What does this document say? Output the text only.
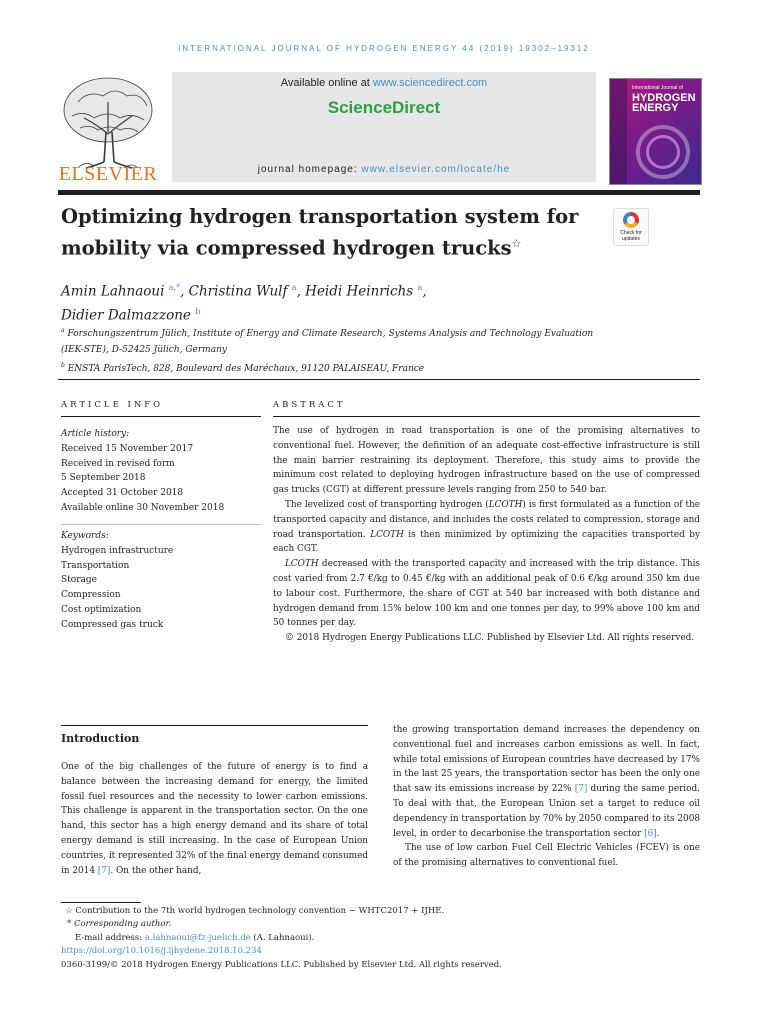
INTERNATIONAL JOURNAL OF HYDROGEN ENERGY 44 (2019) 19302–19312
ELSEVIER
Available online at www.sciencedirect.com
ScienceDirect
journal homepage: www.elsevier.com/locate/he
International Journal of
HYDROGEN
ENERGY
Optimizing hydrogen transportation system for
mobility via compressed hydrogen trucks☆
Check for
updates
Amin Lahnaoui $^{a,*}$, Christina Wulf $^a$, Heidi Heinrichs $^a$,
Didier Dalmazzone $^b$
$^a$ Forschungszentrum Jülich, Institute of Energy and Climate Research, Systems Analysis and Technology Evaluation
(IEK-STE), D-52425 Jülich, Germany
$^b$ ENSTA ParisTech, 828, Boulevard des Maréchaux, 91120 PALAISEAU, France
ARTICLE INFO	ABSTRACT
Article history:
Received 15 November 2017
Received in revised form
5 September 2018
Accepted 31 October 2018
Available online 30 November 2018
Keywords:
Hydrogen infrastructure
Transportation
Storage
Compression
Cost optimization
Compressed gas truck

The use of hydrogen in road transportation is one of the promising alternatives to conventional fuel. However, the definition of an adequate cost-effective infrastructure is still the main barrier restraining its deployment. Therefore, this study aims to provide the minimum cost related to deploying hydrogen infrastructure based on the use of compressed gas trucks (CGT) at different pressure levels ranging from 250 to 540 bar.

The levelized cost of transporting hydrogen (LCOTH) is first formulated as a function of the transported capacity and distance, and includes the costs related to compression, storage and road transportation. LCOTH is then minimized by optimizing the capacities transported by each CGT.

LCOTH decreased with the transported capacity and increased with the trip distance. This cost varied from 2.7 €/kg to 0.45 €/kg with an additional peak of 0.6 €/kg around 350 km due to labour cost. Furthermore, the share of CGT at 540 bar increased with both distance and hydrogen demand from 15% below 100 km and one tonnes per day, to 99% above 100 km and 50 tonnes per day.

© 2018 Hydrogen Energy Publications LLC. Published by Elsevier Ltd. All rights reserved.

Introduction

One of the big challenges of the future of energy is to find a balance between the increasing demand for energy, the limited fossil fuel resources and the necessity to lower carbon emissions. This challenge is apparent in the transportation sector. On the one hand, this sector has a high energy demand and its share of total energy demand is still increasing. In the case of European Union countries, it represented 32% of the final energy demand consumed in 2014 [7]. On the other hand,

the growing transportation demand increases the dependency on conventional fuel and increases carbon emissions as well. In fact, while total emissions of European countries have decreased by 17% in the last 25 years, the transportation sector has been the only one that saw its emissions increase by 22% [7] during the same period. To deal with that, the European Union set a target to reduce oil dependency in transportation by 70% by 2050 compared to its 2008 level, in order to decarbonise the transportation sector [6].

The use of low carbon Fuel Cell Electric Vehicles (FCEV) is one of the promising alternatives to conventional fuel.

☆ Contribution to the 7th world hydrogen technology convention − WHTC2017 + IJHE.
* Corresponding author.
E-mail address: a.lahnaoui@fz-juelich.de (A. Lahnaoui).
https://doi.org/10.1016/j.ijhydene.2018.10.234
0360-3199/© 2018 Hydrogen Energy Publications LLC. Published by Elsevier Ltd. All rights reserved.
